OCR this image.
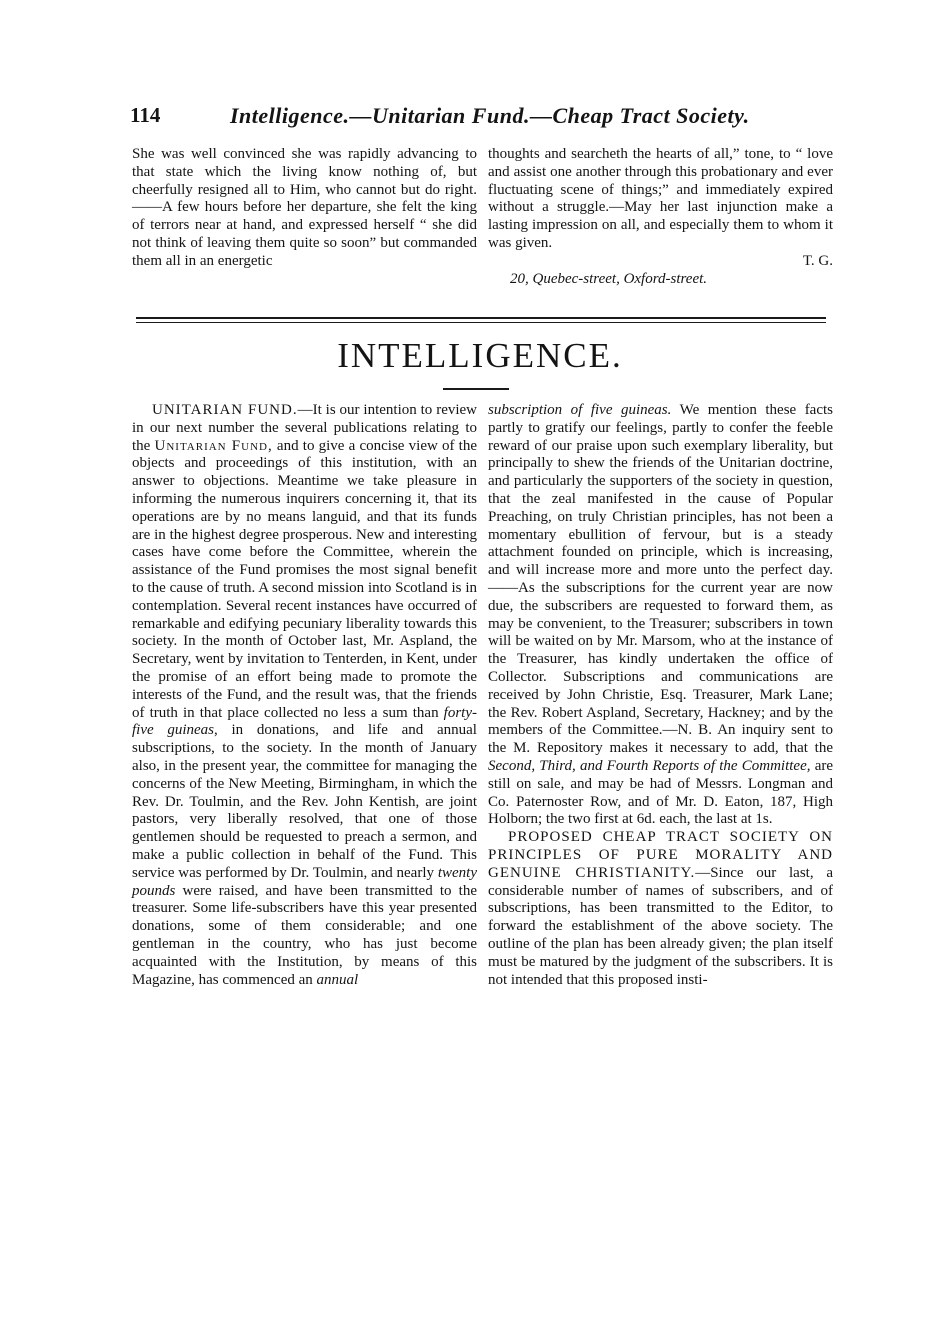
114	Intelligence.—Unitarian Fund.—Cheap Tract Society.

She was well convinced she was rapidly advancing to that state which the living know nothing of, but cheerfully resigned all to Him, who cannot but do right.——A few hours before her departure, she felt the king of terrors near at hand, and expressed herself “ she did not think of leaving them quite so soon” but commanded them all in an energetic

thoughts and searcheth the hearts of all,” tone, to “ love and assist one another through this probationary and ever fluctuating scene of things;” and immediately expired without a struggle.—May her last injunction make a lasting impression on all, and especially them to whom it was given.

T. G.

20, Quebec-street, Oxford-street.

INTELLIGENCE.

UNITARIAN FUND.—It is our intention to review in our next number the several publications relating to the Unitarian Fund, and to give a concise view of the objects and proceedings of this institution, with an answer to objections. Meantime we take pleasure in informing the numerous inquirers concerning it, that its operations are by no means languid, and that its funds are in the highest degree prosperous. New and interesting cases have come before the Committee, wherein the assistance of the Fund promises the most signal benefit to the cause of truth. A second mission into Scotland is in contemplation. Several recent instances have occurred of remarkable and edifying pecuniary liberality towards this society. In the month of October last, Mr. Aspland, the Secretary, went by invitation to Tenterden, in Kent, under the promise of an effort being made to promote the interests of the Fund, and the result was, that the friends of truth in that place collected no less a sum than forty-five guineas, in donations, and life and annual subscriptions, to the society. In the month of January also, in the present year, the committee for managing the concerns of the New Meeting, Birmingham, in which the Rev. Dr. Toulmin, and the Rev. John Kentish, are joint pastors, very liberally resolved, that one of those gentlemen should be requested to preach a sermon, and make a public collection in behalf of the Fund. This service was performed by Dr. Toulmin, and nearly twenty pounds were raised, and have been transmitted to the treasurer. Some life-subscribers have this year presented donations, some of them considerable; and one gentleman in the country, who has just become acquainted with the Institution, by means of this Magazine, has commenced an annual

subscription of five guineas. We mention these facts partly to gratify our feelings, partly to confer the feeble reward of our praise upon such exemplary liberality, but principally to shew the friends of the Unitarian doctrine, and particularly the supporters of the society in question, that the zeal manifested in the cause of Popular Preaching, on truly Christian principles, has not been a momentary ebullition of fervour, but is a steady attachment founded on principle, which is increasing, and will increase more and more unto the perfect day.——As the subscriptions for the current year are now due, the subscribers are requested to forward them, as may be convenient, to the Treasurer; subscribers in town will be waited on by Mr. Marsom, who at the instance of the Treasurer, has kindly undertaken the office of Collector. Subscriptions and communications are received by John Christie, Esq. Treasurer, Mark Lane; the Rev. Robert Aspland, Secretary, Hackney; and by the members of the Committee.—N. B. An inquiry sent to the M. Repository makes it necessary to add, that the Second, Third, and Fourth Reports of the Committee, are still on sale, and may be had of Messrs. Longman and Co. Paternoster Row, and of Mr. D. Eaton, 187, High Holborn; the two first at 6d. each, the last at 1s.

PROPOSED CHEAP TRACT SOCIETY ON PRINCIPLES OF PURE MORALITY AND GENUINE CHRISTIANITY.—Since our last, a considerable number of names of subscribers, and of subscriptions, has been transmitted to the Editor, to forward the establishment of the above society. The outline of the plan has been already given; the plan itself must be matured by the judgment of the subscribers. It is not intended that this proposed insti-
